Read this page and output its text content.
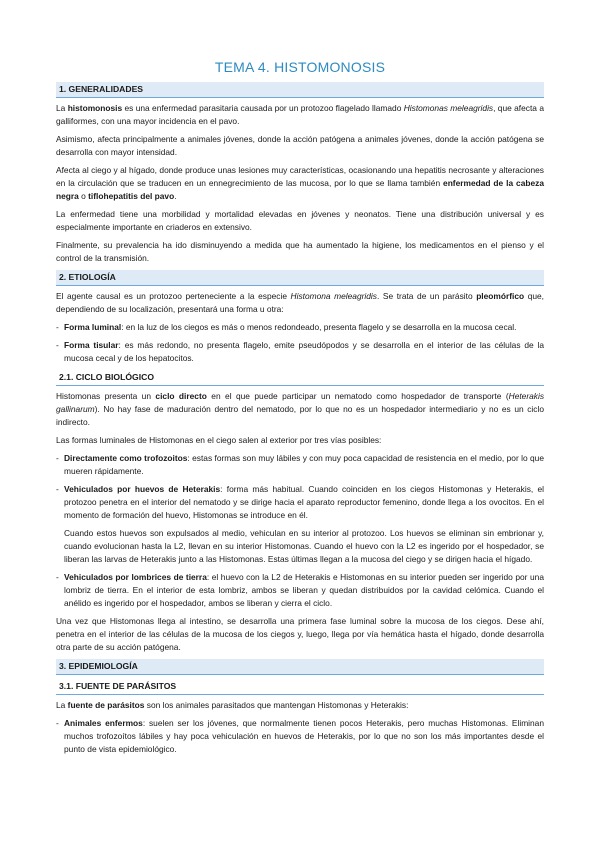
TEMA 4. HISTOMONOSIS
1. GENERALIDADES

La histomonosis es una enfermedad parasitaria causada por un protozoo flagelado llamado Histomonas meleagridis, que afecta a galliformes, con una mayor incidencia en el pavo.

Asimismo, afecta principalmente a animales jóvenes, donde la acción patógena a animales jóvenes, donde la acción patógena se desarrolla con mayor intensidad.

Afecta al ciego y al hígado, donde produce unas lesiones muy características, ocasionando una hepatitis necrosante y alteraciones en la circulación que se traducen en un ennegrecimiento de las mucosa, por lo que se llama también enfermedad de la cabeza negra o tiflohepatitis del pavo.

La enfermedad tiene una morbilidad y mortalidad elevadas en jóvenes y neonatos. Tiene una distribución universal y es especialmente importante en criaderos en extensivo.

Finalmente, su prevalencia ha ido disminuyendo a medida que ha aumentado la higiene, los medicamentos en el pienso y el control de la transmisión.

2. ETIOLOGÍA

El agente causal es un protozoo perteneciente a la especie Histomona meleagridis. Se trata de un parásito pleomórfico que, dependiendo de su localización, presentará una forma u otra:

- Forma luminal: en la luz de los ciegos es más o menos redondeado, presenta flagelo y se desarrolla en la mucosa cecal.
- Forma tisular: es más redondo, no presenta flagelo, emite pseudópodos y se desarrolla en el interior de las células de la mucosa cecal y de los hepatocitos.
2.1. CICLO BIOLÓGICO

Histomonas presenta un ciclo directo en el que puede participar un nematodo como hospedador de transporte (Heterakis gallinarum). No hay fase de maduración dentro del nematodo, por lo que no es un hospedador intermediario y no es un ciclo indirecto.

Las formas luminales de Histomonas en el ciego salen al exterior por tres vías posibles:

- Directamente como trofozoitos: estas formas son muy lábiles y con muy poca capacidad de resistencia en el medio, por lo que mueren rápidamente.
- Vehiculados por huevos de Heterakis: forma más habitual. Cuando coinciden en los ciegos Histomonas y Heterakis, el protozoo penetra en el interior del nematodo y se dirige hacia el aparato reproductor femenino, donde llega a los ovocitos. En el momento de formación del huevo, Histomonas se introduce en él.
Cuando estos huevos son expulsados al medio, vehiculan en su interior al protozoo. Los huevos se eliminan sin embrionar y, cuando evolucionan hasta la L2, llevan en su interior Histomonas. Cuando el huevo con la L2 es ingerido por el hospedador, se liberan las larvas de Heterakis junto a las Histomonas. Estas últimas llegan a la mucosa del ciego y se dirigen hacia el hígado.
- Vehiculados por lombrices de tierra: el huevo con la L2 de Heterakis e Histomonas en su interior pueden ser ingerido por una lombriz de tierra. En el interior de esta lombriz, ambos se liberan y quedan distribuidos por la cavidad celómica. Cuando el anélido es ingerido por el hospedador, ambos se liberan y cierra el ciclo.

Una vez que Histomonas llega al intestino, se desarrolla una primera fase luminal sobre la mucosa de los ciegos. Dese ahí, penetra en el interior de las células de la mucosa de los ciegos y, luego, llega por vía hemática hasta el hígado, donde desarrolla otra parte de su acción patógena.

3. EPIDEMIOLOGÍA
3.1. FUENTE DE PARÁSITOS

La fuente de parásitos son los animales parasitados que mantengan Histomonas y Heterakis:

- Animales enfermos: suelen ser los jóvenes, que normalmente tienen pocos Heterakis, pero muchas Histomonas. Eliminan muchos trofozoítos lábiles y hay poca vehiculación en huevos de Heterakis, por lo que no son los más importantes desde el punto de vista epidemiológico.
